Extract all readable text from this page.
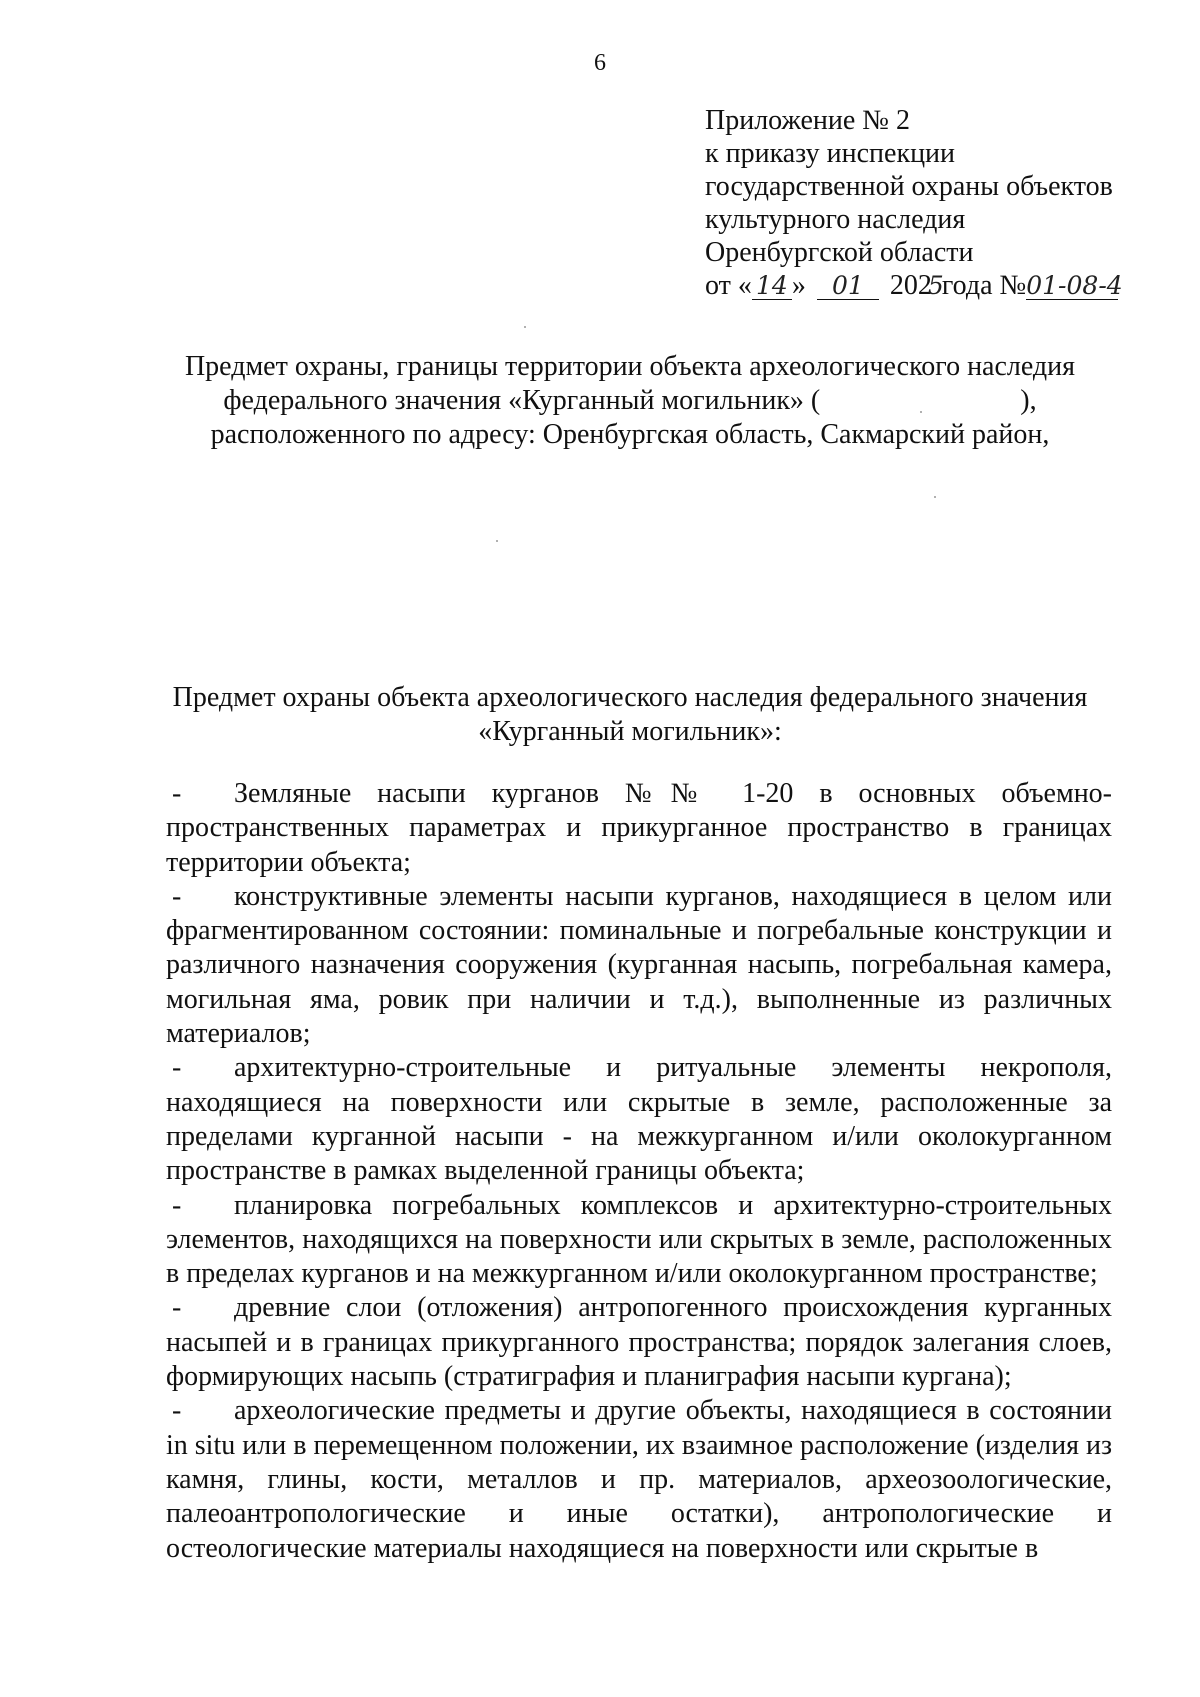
6
Приложение № 2
к приказу инспекции
государственной охраны объектов
культурного наследия
Оренбургской области
от « 14 » 01 2025года №01-08-4
Предмет охраны, границы территории объекта археологического наследия
федерального значения «Курганный могильник» (	),
расположенного по адресу: Оренбургская область, Сакмарский район,
Предмет охраны объекта археологического наследия федерального значения
«Курганный могильник»:
- Земляные насыпи курганов №№ 1-20 в основных объемно-пространственных параметрах и прикурганное пространство в границах территории объекта;
- конструктивные элементы насыпи курганов, находящиеся в целом или фрагментированном состоянии: поминальные и погребальные конструкции и различного назначения сооружения (курганная насыпь, погребальная камера, могильная яма, ровик при наличии и т.д.), выполненные из различных материалов;
- архитектурно-строительные и ритуальные элементы некрополя, находящиеся на поверхности или скрытые в земле, расположенные за пределами курганной насыпи - на межкурганном и/или околокурганном пространстве в рамках выделенной границы объекта;
- планировка погребальных комплексов и архитектурно-строительных элементов, находящихся на поверхности или скрытых в земле, расположенных в пределах курганов и на межкурганном и/или околокурганном пространстве;
- древние слои (отложения) антропогенного происхождения курганных насыпей и в границах прикурганного пространства; порядок залегания слоев, формирующих насыпь (стратиграфия и планиграфия насыпи кургана);
- археологические предметы и другие объекты, находящиеся в состоянии in situ или в перемещенном положении, их взаимное расположение (изделия из камня, глины, кости, металлов и пр. материалов, археозоологические, палеоантропологические и иные остатки), антропологические и остеологические материалы находящиеся на поверхности или скрытые в
